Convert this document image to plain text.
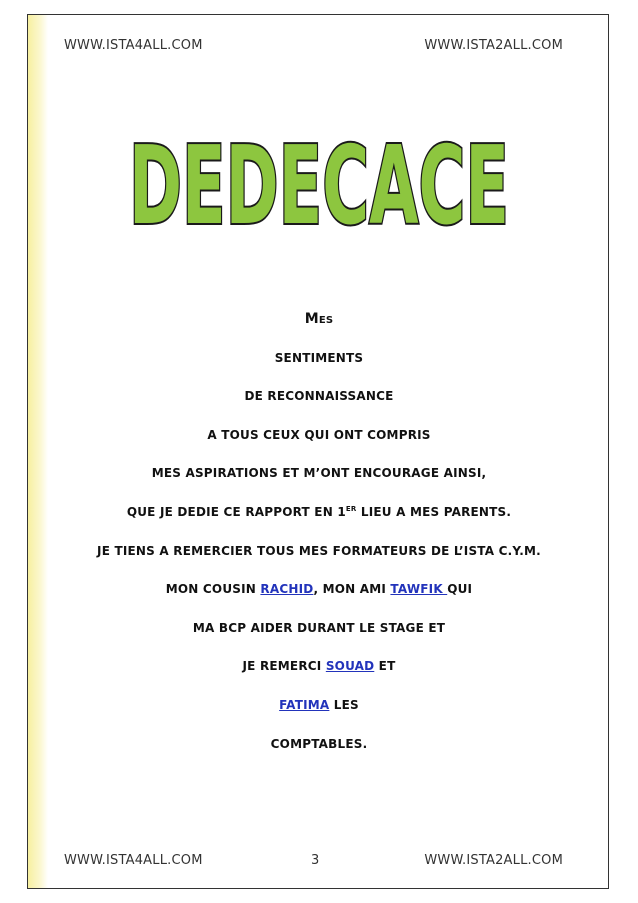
WWW.ISTA4ALL.COM	WWW.ISTA2ALL.COM
DEDECACE
MES
SENTIMENTS
DE RECONNAISSANCE
A TOUS CEUX QUI ONT COMPRIS
MES ASPIRATIONS ET M’ONT ENCOURAGE AINSI,
QUE JE DEDIE CE RAPPORT EN 1ER LIEU A MES PARENTS.
JE TIENS A REMERCIER TOUS MES FORMATEURS DE L’ISTA C.Y.M.
MON COUSIN RACHID, MON AMI TAWFIK QUI
MA BCP AIDER DURANT LE STAGE ET
JE REMERCI SOUAD ET
FATIMA LES
COMPTABLES.
WWW.ISTA4ALL.COM	3	WWW.ISTA2ALL.COM
